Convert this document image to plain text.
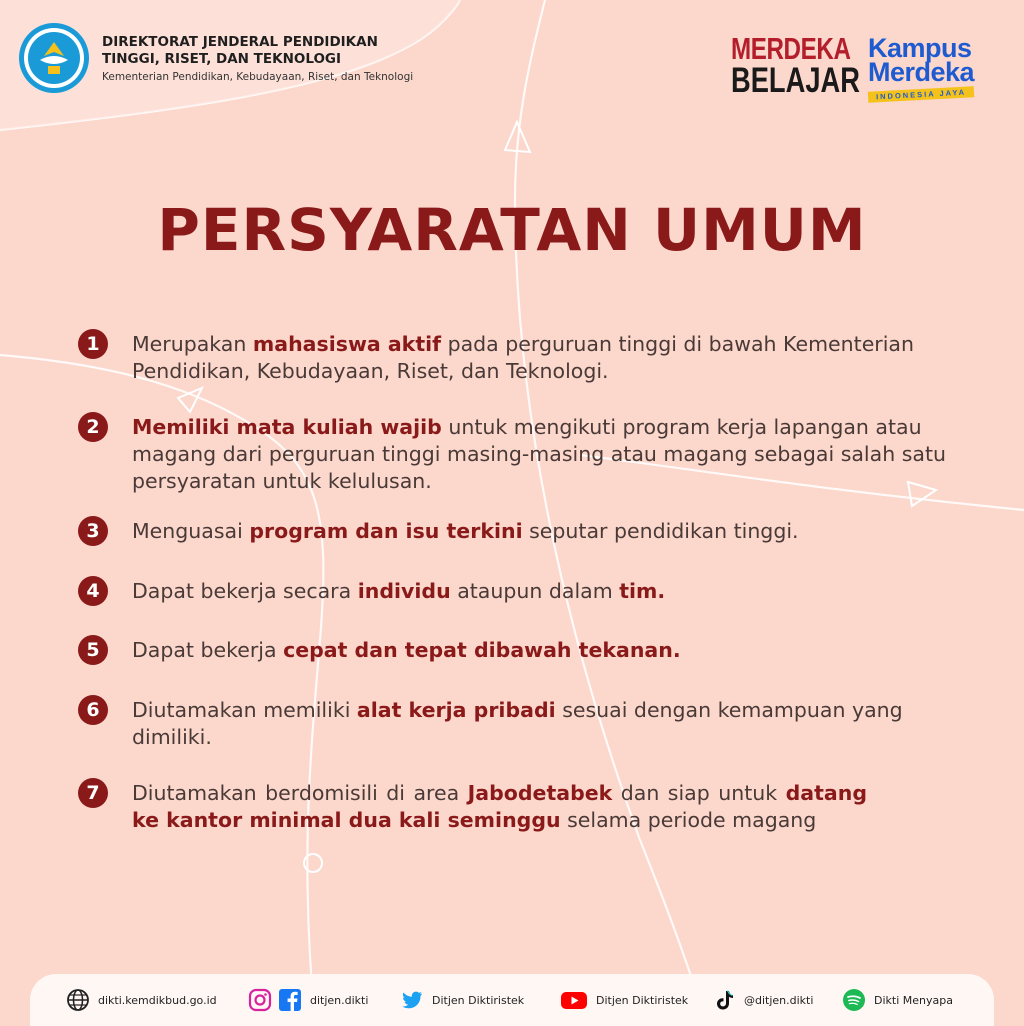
DIREKTORAT JENDERAL PENDIDIKAN TINGGI, RISET, DAN TEKNOLOGI
Kementerian Pendidikan, Kebudayaan, Riset, dan Teknologi
MERDEKA
BELAJAR
Kampus
Merdeka
INDONESIA JAYA
PERSYARATAN UMUM
1	Merupakan mahasiswa aktif pada perguruan tinggi di bawah Kementerian Pendidikan, Kebudayaan, Riset, dan Teknologi.
2	Memiliki mata kuliah wajib untuk mengikuti program kerja lapangan atau magang dari perguruan tinggi masing-masing atau magang sebagai salah satu persyaratan untuk kelulusan.
3	Menguasai program dan isu terkini seputar pendidikan tinggi.
4	Dapat bekerja secara individu ataupun dalam tim.
5	Dapat bekerja cepat dan tepat dibawah tekanan.
6	Diutamakan memiliki alat kerja pribadi sesuai dengan kemampuan yang dimiliki.
7	Diutamakan berdomisili di area Jabodetabek dan siap untuk datang ke kantor minimal dua kali seminggu selama periode magang
dikti.kemdikbud.go.id	ditjen.dikti	Ditjen Diktiristek	Ditjen Diktiristek	@ditjen.dikti	Dikti Menyapa
